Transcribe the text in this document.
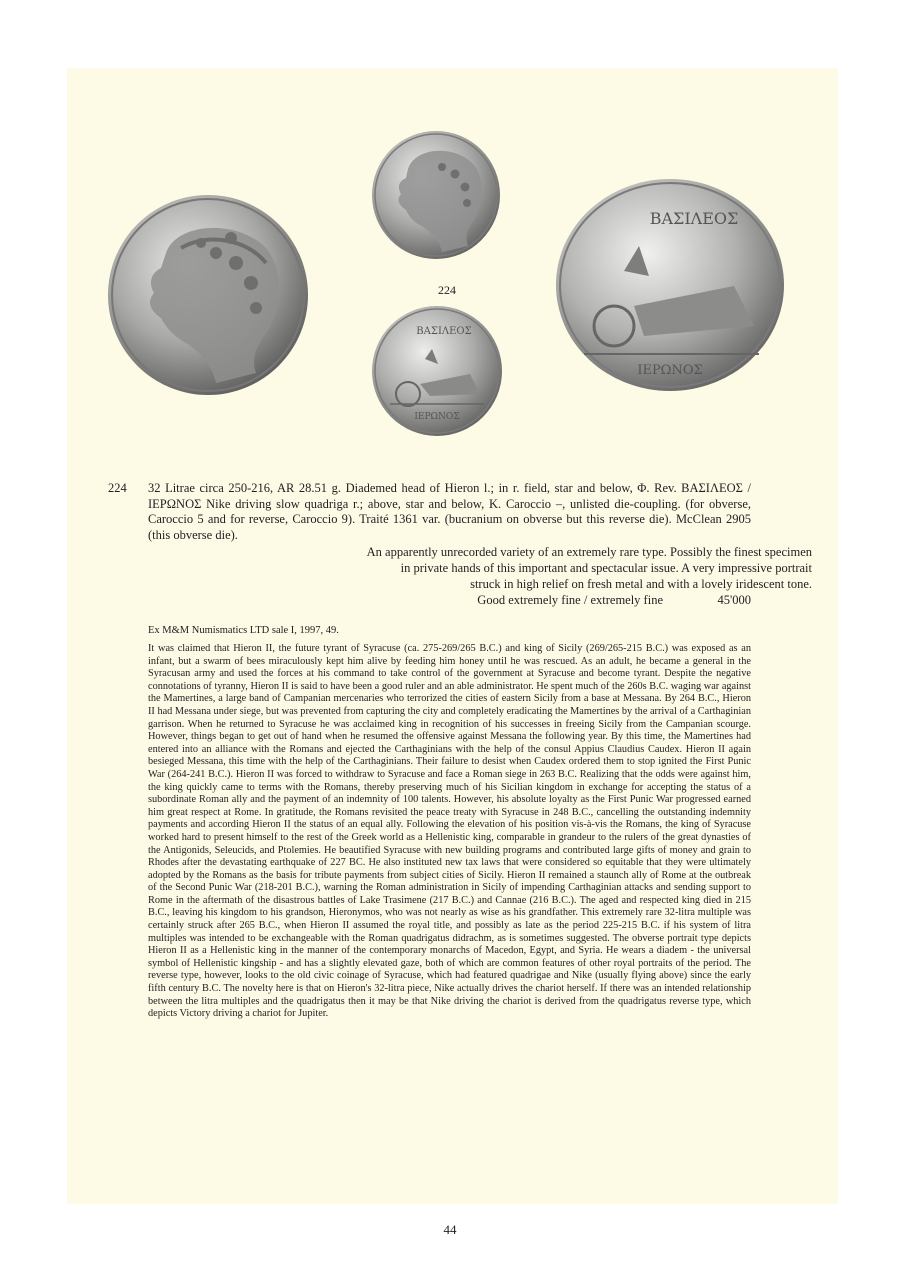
224
ΒΑΣΙΛΕΟΣ
ΙΕΡΩΝΟΣ
ΒΑΣΙΛΕΟΣ
ΙΕΡΩΝΟΣ
224 32 Litrae circa 250-216, AR 28.51 g. Diademed head of Hieron l.; in r. field, star and below, Φ. Rev. ΒΑΣΙΛΕΟΣ / ΙΕΡΩΝΟΣ Nike driving slow quadriga r.; above, star and below, K. Caroccio –, unlisted die-coupling. (for obverse, Caroccio 5 and for reverse, Caroccio 9). Traité 1361 var. (bucranium on obverse but this reverse die). McClean 2905 (this obverse die).

An apparently unrecorded variety of an extremely rare type. Possibly the finest specimen
in private hands of this important and spectacular issue. A very impressive portrait
struck in high relief on fresh metal and with a lovely iridescent tone.
Good extremely fine / extremely fine	45'000
Ex M&M Numismatics LTD sale I, 1997, 49.
It was claimed that Hieron II, the future tyrant of Syracuse (ca. 275-269/265 B.C.) and king of Sicily (269/265-215 B.C.) was exposed as an infant, but a swarm of bees miraculously kept him alive by feeding him honey until he was rescued. As an adult, he became a general in the Syracusan army and used the forces at his command to take control of the government at Syracuse and become tyrant. Despite the negative connotations of tyranny, Hieron II is said to have been a good ruler and an able administrator. He spent much of the 260s B.C. waging war against the Mamertines, a large band of Campanian mercenaries who terrorized the cities of eastern Sicily from a base at Messana. By 264 B.C., Hieron II had Messana under siege, but was prevented from capturing the city and completely eradicating the Mamertines by the arrival of a Carthaginian garrison. When he returned to Syracuse he was acclaimed king in recognition of his successes in freeing Sicily from the Campanian scourge. However, things began to get out of hand when he resumed the offensive against Messana the following year. By this time, the Mamertines had entered into an alliance with the Romans and ejected the Carthaginians with the help of the consul Appius Claudius Caudex. Hieron II again besieged Messana, this time with the help of the Carthaginians. Their failure to desist when Caudex ordered them to stop ignited the First Punic War (264-241 B.C.). Hieron II was forced to withdraw to Syracuse and face a Roman siege in 263 B.C. Realizing that the odds were against him, the king quickly came to terms with the Romans, thereby preserving much of his Sicilian kingdom in exchange for accepting the status of a subordinate Roman ally and the payment of an indemnity of 100 talents. However, his absolute loyalty as the First Punic War progressed earned him great respect at Rome. In gratitude, the Romans revisited the peace treaty with Syracuse in 248 B.C., cancelling the outstanding indemnity payments and according Hieron II the status of an equal ally. Following the elevation of his position vis-à-vis the Romans, the king of Syracuse worked hard to present himself to the rest of the Greek world as a Hellenistic king, comparable in grandeur to the rulers of the great dynasties of the Antigonids, Seleucids, and Ptolemies. He beautified Syracuse with new building programs and contributed large gifts of money and grain to Rhodes after the devastating earthquake of 227 BC. He also instituted new tax laws that were considered so equitable that they were ultimately adopted by the Romans as the basis for tribute payments from subject cities of Sicily. Hieron II remained a staunch ally of Rome at the outbreak of the Second Punic War (218-201 B.C.), warning the Roman administration in Sicily of impending Carthaginian attacks and sending support to Rome in the aftermath of the disastrous battles of Lake Trasimene (217 B.C.) and Cannae (216 B.C.). The aged and respected king died in 215 B.C., leaving his kingdom to his grandson, Hieronymos, who was not nearly as wise as his grandfather. This extremely rare 32-litra multiple was certainly struck after 265 B.C., when Hieron II assumed the royal title, and possibly as late as the period 225-215 B.C. if his system of litra multiples was intended to be exchangeable with the Roman quadrigatus didrachm, as is sometimes suggested. The obverse portrait type depicts Hieron II as a Hellenistic king in the manner of the contemporary monarchs of Macedon, Egypt, and Syria. He wears a diadem - the universal symbol of Hellenistic kingship - and has a slightly elevated gaze, both of which are common features of other royal portraits of the period. The reverse type, however, looks to the old civic coinage of Syracuse, which had featured quadrigae and Nike (usually flying above) since the early fifth century B.C. The novelty here is that on Hieron's 32-litra piece, Nike actually drives the chariot herself. If there was an intended relationship between the litra multiples and the quadrigatus then it may be that Nike driving the chariot is derived from the quadrigatus reverse type, which depicts Victory driving a chariot for Jupiter.
44
